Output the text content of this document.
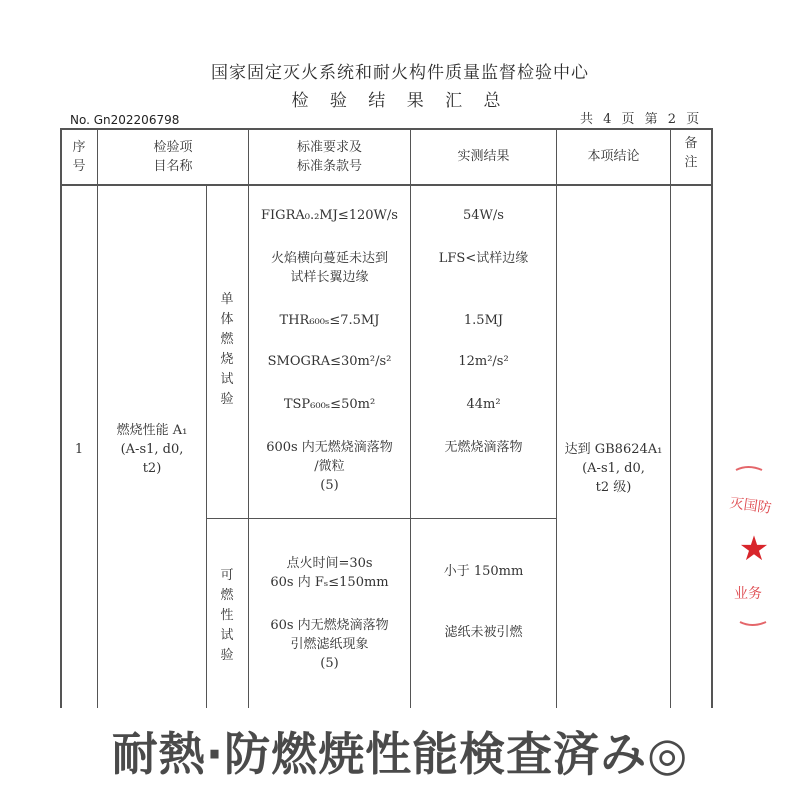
国家固定灭火系统和耐火构件质量监督检验中心
检 验 结 果 汇 总
No. Gn202206798	共 4 页 第 2 页
序
号
检验项
目名称
标准要求及
标准条款号
实测结果	本项结论
备
注
1
燃烧性能 A₁
(A-s1, d0,
t2)
达到 GB8624A₁
(A-s1, d0,
t2 级)
单
体
燃
烧
试
验
FIGRA₀.₂MJ≤120W/s
火焰横向蔓延未达到
试样长翼边缘
THR₆₀₀ₛ≤7.5MJ
SMOGRA≤30m²/s²
TSP₆₀₀ₛ≤50m²
600s 内无燃烧滴落物
/微粒
(5)
54W/s
LFS<试样边缘
1.5MJ
12m²/s²
44m²
无燃烧滴落物
可
燃
性
试
验
点火时间=30s
60s 内 Fₛ≤150mm
60s 内无燃烧滴落物
引燃滤纸现象
(5)
小于 150mm
滤纸未被引燃
灭国防
★
业务
耐熱·防燃焼性能検査済み◎
